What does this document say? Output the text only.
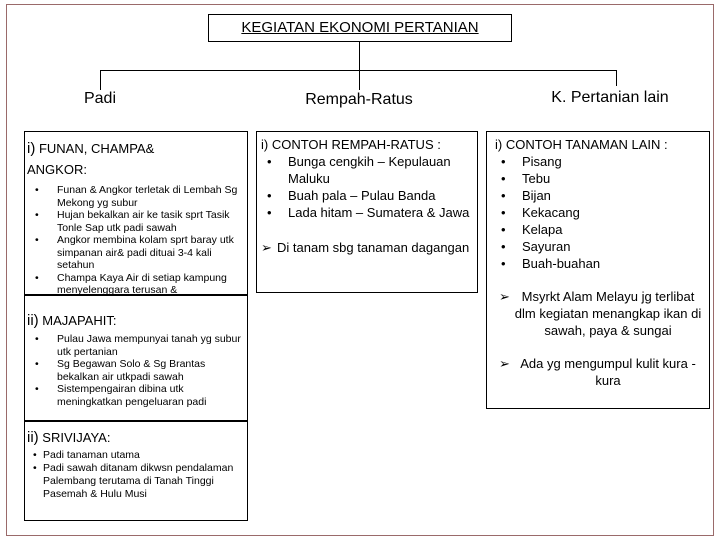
KEGIATAN EKONOMI PERTANIAN
Padi	Rempah-Ratus	K. Pertanian lain
i) FUNAN, CHAMPA&
ANGKOR:
• Funan & Angkor terletak di Lembah Sg Mekong yg subur
• Hujan bekalkan air ke tasik sprt Tasik Tonle Sap utk padi sawah
• Angkor membina kolam sprt baray utk simpanan air& padi dituai 3-4 kali setahun
• Champa Kaya Air di setiap kampung menyelenggara terusan &
ii) MAJAPAHIT:
• Pulau Jawa mempunyai tanah yg subur utk pertanian
• Sg Begawan Solo & Sg Brantas bekalkan air utkpadi sawah
• Sistempengairan dibina utk meningkatkan pengeluaran padi
ii) SRIVIJAYA:
• Padi tanaman utama
• Padi sawah ditanam dikwsn pendalaman Palembang terutama di Tanah Tinggi Pasemah & Hulu Musi
i) CONTOH REMPAH-RATUS :
• Bunga cengkih – Kepulauan Maluku
• Buah pala – Pulau Banda
• Lada hitam – Sumatera & Jawa
➢ Di tanam sbg tanaman dagangan
i) CONTOH TANAMAN LAIN :
• Pisang
• Tebu
• Bijan
• Kekacang
• Kelapa
• Sayuran
• Buah-buahan
➢ Msyrkt Alam Melayu jg terlibat dlm kegiatan menangkap ikan di sawah, paya & sungai
➢ Ada yg mengumpul kulit kura -kura
